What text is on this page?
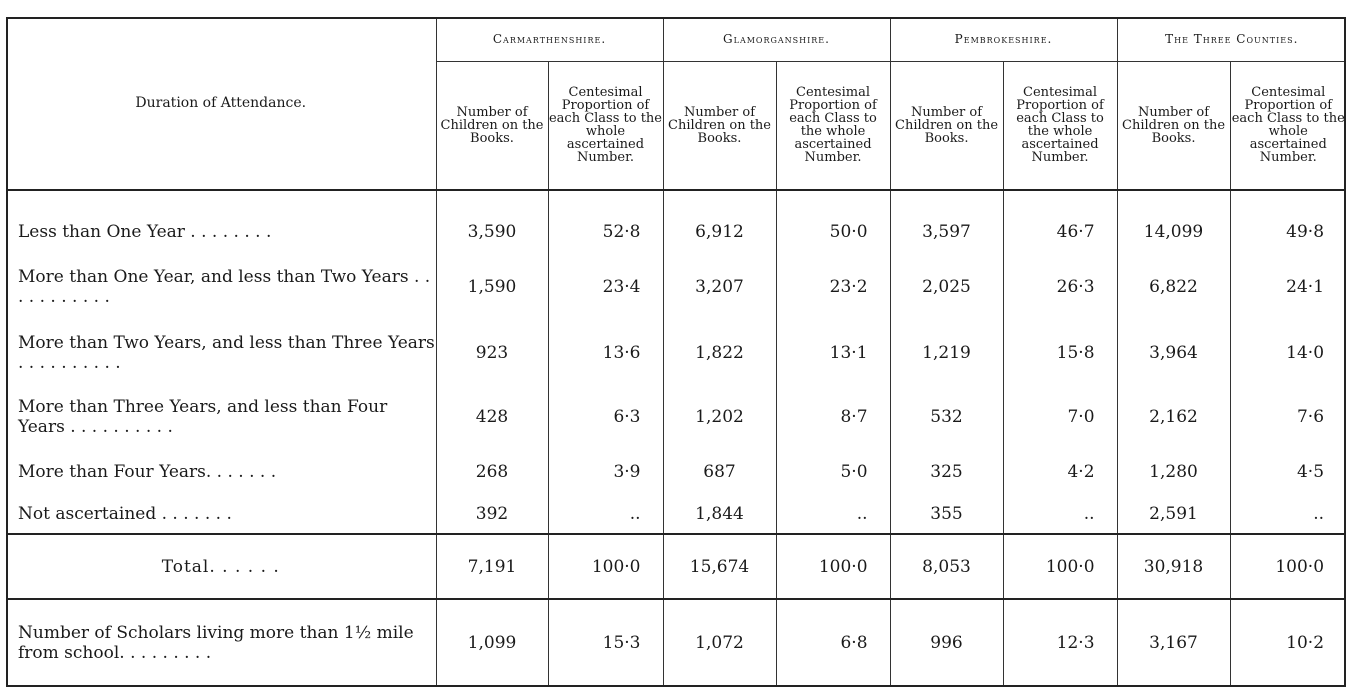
Duration of Attendance.	Carmarthenshire.		Glamorganshire.		Pembrokeshire.		The Three Counties.	
	Number of Children on the Books.	Centesimal Proportion of each Class to the whole ascertained Number.	Number of Children on the Books.	Centesimal Proportion of each Class to the whole ascertained Number.	Number of Children on the Books.	Centesimal Proportion of each Class to the whole ascertained Number.	Number of Children on the Books.	Centesimal Proportion of each Class to the whole ascertained Number.

Less than One Year . . . . . . . .	3,590	52·8	6,912	50·0	3,597	46·7	14,099	49·8
More than One Year, and less than Two Years . . . . . . . . . . .	1,590	23·4	3,207	23·2	2,025	26·3	6,822	24·1
More than Two Years, and less than Three Years . . . . . . . . . .	923	13·6	1,822	13·1	1,219	15·8	3,964	14·0
More than Three Years, and less than Four Years . . . . . . . . . .	428	6·3	1,202	8·7	532	7·0	2,162	7·6
More than Four Years. . . . . . .	268	3·9	687	5·0	325	4·2	1,280	4·5
Not ascertained . . . . . . .	392	..	1,844	..	355	..	2,591	..
Total. . . . . .	7,191	100·0	15,674	100·0	8,053	100·0	30,918	100·0
Number of Scholars living more than 1½ mile from school. . . . . . . . .	1,099	15·3	1,072	6·8	996	12·3	3,167	10·2
